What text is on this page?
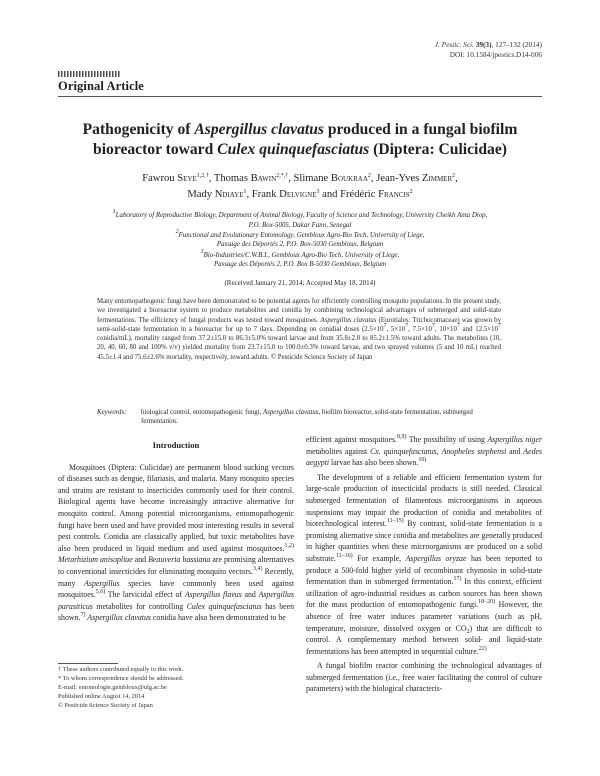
J. Pestic. Sci. 39(3), 127–132 (2014)
DOI: 10.1584/jpestics.D14-006
Original Article
Pathogenicity of Aspergillus clavatus produced in a fungal biofilm bioreactor toward Culex quinquefasciatus (Diptera: Culicidae)
Fawrou Seye$^{1,2,\dagger}$, Thomas Bawin$^{2,*,\dagger}$, Slimane Boukraa$^2$, Jean-Yves Zimmer$^2$,
Mady Ndiaye$^1$, Frank Delvigne$^3$ and Frédéric Francis$^2$
$^1$Laboratory of Reproductive Biology, Department of Animal Biology, Faculty of Science and Technology, University Cheikh Anta Diop,
P.O. Box-5005, Dakar Fann, Senegal
$^2$Functional and Evolutionary Entomology, Gembloux Agro-Bio Tech, University of Liege,
Passage des Déportés 2, P.O. Box-5030 Gembloux, Belgium
$^3$Bio-Industries/C.W.B.I., Gembloux Agro-Bio Tech, University of Liege,
Passage des Déportés 2, P.O. Box B-5030 Gembloux, Belgium
(Received January 21, 2014; Accepted May 18, 2014)
Many entomopathogenic fungi have been demonstrated to be potential agents for efficiently controlling mosquito populations. In the present study, we investigated a bioreactor system to produce metabolites and conidia by combining technological advantages of submerged and solid-state fermentations. The efficiency of fungal products was tested toward mosquitoes. Aspergillus clavatus (Eurotiales: Trichocomaceae) was grown by semi-solid-state fermentation in a bioreactor for up to 7 days. Depending on conidial doses ($2.5\times 10^7$, $5\times 10^7$, $7.5\times 10^7$, $10\times 10^7$ and $12.5\times 10^7$ conidia/mL), mortality ranged from 37.2±15.0 to 86.3±5.0% toward larvae and from 35.8±2.0 to 85.2±1.5% toward adults. The metabolites (10, 20, 40, 60, 80 and 100% v/v) yielded mortality from 23.7±15.0 to 100.0±0.3% toward larvae, and two sprayed volumes (5 and 10 mL) reached 45.5±1.4 and 75.6±2.6% mortality, respectively, toward adults. © Pesticide Science Society of Japan
Keywords:	biological control, entomopathogenic fungi, Aspergillus clavatus, biofilm bioreactor, solid-state fermentation, submerged fermentation.
Introduction

Mosquitoes (Diptera: Culicidae) are permanent blood sucking vectors of diseases such as dengue, filariasis, and malaria. Many mosquito species and strains are resistant to insecticides commonly used for their control. Biological agents have become increasingly attractive alternative for mosquito control. Among potential microorganisms, entomopathogenic fungi have been used and have provided most interesting results in several pest controls. Conidia are classically applied, but toxic metabolites have also been produced in liquid medium and used against mosquitoes.$^{1,2)}$ Metarhizium anisopliae and Beauveria bassiana are promising alternatives to conventional insecticides for eliminating mosquito vectors.$^{3,4)}$ Recently, many Aspergillus species have commonly been used against mosquitoes.$^{5,6)}$ The larvicidal effect of Aspergillus flavus and Aspergillus parasiticus metabolites for controlling Culex quinquefasciatus has been shown.$^{7)}$ Aspergillus clavatus conidia have also been demonstrated to be

† These authors contributed equally to this work.

* To whom correspondence should be addressed.

E-mail: entomologie.gembloux@ulg.ac.be

Published online August 14, 2014

© Pesticide Science Society of Japan

efficient against mosquitoes.$^{8,9)}$ The possibility of using Aspergillus niger metabolites against Cx. quinquefasciatus, Anopheles stephensi and Aedes aegypti larvae has also been shown.$^{10)}$

The development of a reliable and efficient fermentation system for large-scale production of insecticidal products is still needed. Classical submerged fermentation of filamentous microorganisms in aqueous suspensions may impair the production of conidia and metabolites of biotechnological interest.$^{11-15)}$ By contrast, solid-state fermentation is a promising alternative since conidia and metabolites are generally produced in higher quantities when these microorganisms are produced on a solid substrate.$^{11-16)}$ For example, Aspergillus oryzae has been reported to produce a 500-fold higher yield of recombinant chymosin in solid-state fermentation than in submerged fermentation.$^{17)}$ In this context, efficient utilization of agro-industrial residues as carbon sources has been shown for the mass production of entomopathogenic fungi.$^{18-20)}$ However, the absence of free water induces parameter variations (such as pH, temperature, moisture, dissolved oxygen or $CO_2$) that are difficult to control. A complementary method between solid- and liquid-state fermentations has been attempted in sequential culture.$^{22)}$

A fungal biofilm reactor combining the technological advantages of submerged fermentation (i.e., free water facilitating the control of culture parameters) with the biological characteris-
